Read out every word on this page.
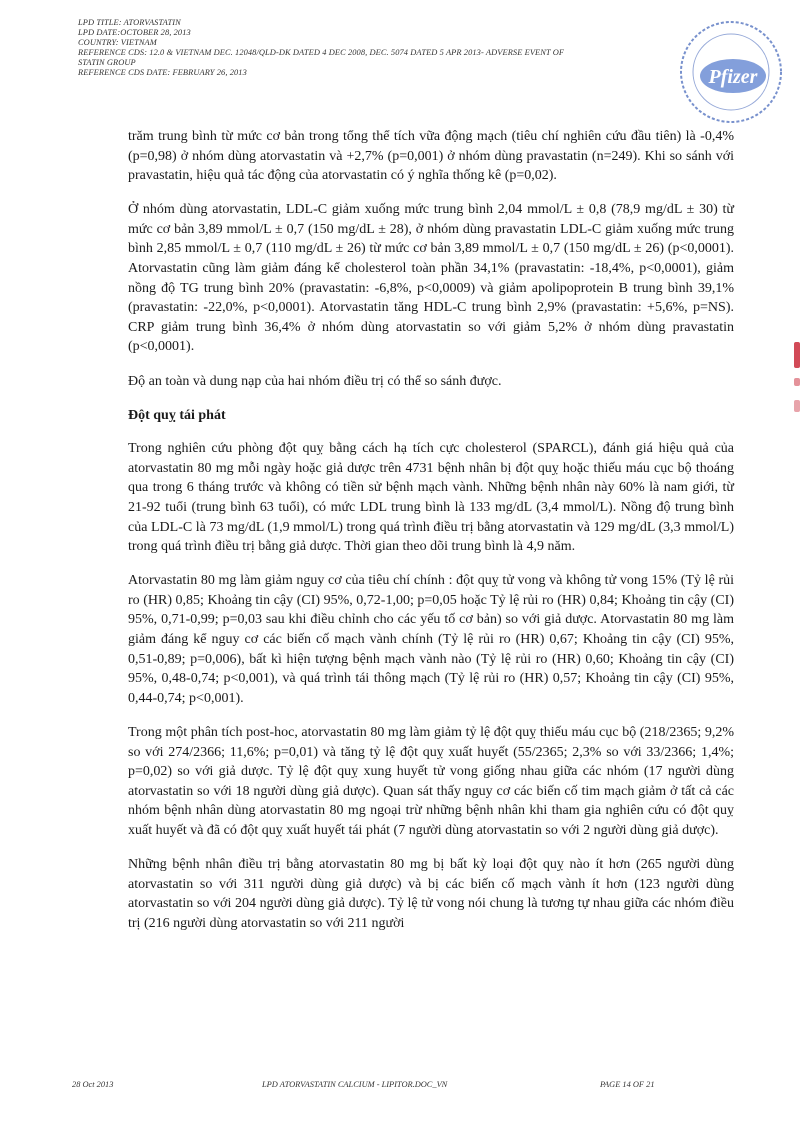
LPD TITLE: ATORVASTATIN
LPD DATE:OCTOBER 28, 2013
COUNTRY: VIETNAM
REFERENCE CDS: 12.0 & VIETNAM DEC. 12048/QLD-DK DATED 4 DEC 2008, DEC. 5074 DATED 5 APR 2013- ADVERSE EVENT OF
STATIN GROUP
REFERENCE CDS DATE: FEBRUARY 26, 2013	Pfizer

trăm trung bình từ mức cơ bản trong tổng thể tích vữa động mạch (tiêu chí nghiên cứu đầu tiên) là -0,4% (p=0,98) ở nhóm dùng atorvastatin và +2,7% (p=0,001) ở nhóm dùng pravastatin (n=249). Khi so sánh với pravastatin, hiệu quả tác động của atorvastatin có ý nghĩa thống kê (p=0,02).

Ở nhóm dùng atorvastatin, LDL-C giảm xuống mức trung bình 2,04 mmol/L ± 0,8 (78,9 mg/dL ± 30) từ mức cơ bản 3,89 mmol/L ± 0,7 (150 mg/dL ± 28), ở nhóm dùng pravastatin LDL-C giảm xuống mức trung bình 2,85 mmol/L ± 0,7 (110 mg/dL ± 26) từ mức cơ bản 3,89 mmol/L ± 0,7 (150 mg/dL ± 26) (p<0,0001). Atorvastatin cũng làm giảm đáng kể cholesterol toàn phần 34,1% (pravastatin: -18,4%, p<0,0001), giảm nồng độ TG trung bình 20% (pravastatin: -6,8%, p<0,0009) và giảm apolipoprotein B trung bình 39,1% (pravastatin: -22,0%, p<0,0001). Atorvastatin tăng HDL-C trung bình 2,9% (pravastatin: +5,6%, p=NS). CRP giảm trung bình 36,4% ở nhóm dùng atorvastatin so với giảm 5,2% ở nhóm dùng pravastatin (p<0,0001).

Độ an toàn và dung nạp của hai nhóm điều trị có thể so sánh được.

Đột quỵ tái phát

Trong nghiên cứu phòng đột quỵ bằng cách hạ tích cực cholesterol (SPARCL), đánh giá hiệu quả của atorvastatin 80 mg mỗi ngày hoặc giả dược trên 4731 bệnh nhân bị đột quỵ hoặc thiếu máu cục bộ thoáng qua trong 6 tháng trước và không có tiền sử bệnh mạch vành. Những bệnh nhân này 60% là nam giới, từ 21-92 tuổi (trung bình 63 tuổi), có mức LDL trung bình là 133 mg/dL (3,4 mmol/L). Nồng độ trung bình của LDL-C là 73 mg/dL (1,9 mmol/L) trong quá trình điều trị bằng atorvastatin và 129 mg/dL (3,3 mmol/L) trong quá trình điều trị bằng giả dược. Thời gian theo dõi trung bình là 4,9 năm.

Atorvastatin 80 mg làm giảm nguy cơ của tiêu chí chính : đột quỵ tử vong và không tử vong 15% (Tỷ lệ rủi ro (HR) 0,85; Khoảng tin cậy (CI) 95%, 0,72-1,00; p=0,05 hoặc Tỷ lệ rủi ro (HR) 0,84; Khoảng tin cậy (CI) 95%, 0,71-0,99; p=0,03 sau khi điều chỉnh cho các yếu tố cơ bản) so với giả dược. Atorvastatin 80 mg làm giảm đáng kể nguy cơ các biến cố mạch vành chính (Tỷ lệ rủi ro (HR) 0,67; Khoảng tin cậy (CI) 95%, 0,51-0,89; p=0,006), bất kì hiện tượng bệnh mạch vành nào (Tỷ lệ rủi ro (HR) 0,60; Khoảng tin cậy (CI) 95%, 0,48-0,74; p<0,001), và quá trình tái thông mạch (Tỷ lệ rủi ro (HR) 0,57; Khoảng tin cậy (CI) 95%, 0,44-0,74; p<0,001).

Trong một phân tích post-hoc, atorvastatin 80 mg làm giảm tỷ lệ đột quỵ thiếu máu cục bộ (218/2365; 9,2% so với 274/2366; 11,6%; p=0,01) và tăng tỷ lệ đột quỵ xuất huyết (55/2365; 2,3% so với 33/2366; 1,4%; p=0,02) so với giả dược. Tỷ lệ đột quỵ xung huyết tử vong giống nhau giữa các nhóm (17 người dùng atorvastatin so với 18 người dùng giả dược). Quan sát thấy nguy cơ các biến cố tim mạch giảm ở tất cả các nhóm bệnh nhân dùng atorvastatin 80 mg ngoại trừ những bệnh nhân khi tham gia nghiên cứu có đột quỵ xuất huyết và đã có đột quỵ xuất huyết tái phát (7 người dùng atorvastatin so với 2 người dùng giả dược).

Những bệnh nhân điều trị bằng atorvastatin 80 mg bị bất kỳ loại đột quỵ nào ít hơn (265 người dùng atorvastatin so với 311 người dùng giả dược) và bị các biến cố mạch vành ít hơn (123 người dùng atorvastatin so với 204 người dùng giả dược). Tỷ lệ tử vong nói chung là tương tự nhau giữa các nhóm điều trị (216 người dùng atorvastatin so với 211 người

28 Oct 2013	LPD ATORVASTATIN CALCIUM - LIPITOR.DOC_VN	PAGE 14 OF 21
